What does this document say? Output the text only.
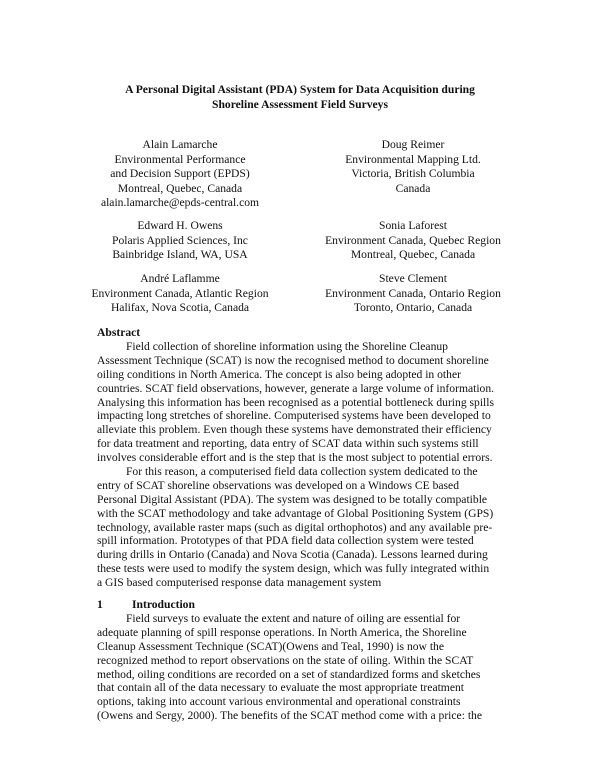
A Personal Digital Assistant (PDA) System for Data Acquisition during
Shoreline Assessment Field Surveys
Alain Lamarche
Environmental Performance
and Decision Support (EPDS)
Montreal, Quebec, Canada
alain.lamarche@epds-central.com
Doug Reimer
Environmental Mapping Ltd.
Victoria, British Columbia
Canada
Edward H. Owens
Polaris Applied Sciences, Inc
Bainbridge Island, WA, USA
Sonia Laforest
Environment Canada, Quebec Region
Montreal, Quebec, Canada
André Laflamme
Environment Canada, Atlantic Region
Halifax, Nova Scotia, Canada
Steve Clement
Environment Canada, Ontario Region
Toronto, Ontario, Canada
Abstract
Field collection of shoreline information using the Shoreline Cleanup
Assessment Technique (SCAT) is now the recognised method to document shoreline
oiling conditions in North America. The concept is also being adopted in other
countries. SCAT field observations, however, generate a large volume of information.
Analysing this information has been recognised as a potential bottleneck during spills
impacting long stretches of shoreline. Computerised systems have been developed to
alleviate this problem. Even though these systems have demonstrated their efficiency
for data treatment and reporting, data entry of SCAT data within such systems still
involves considerable effort and is the step that is the most subject to potential errors.
For this reason, a computerised field data collection system dedicated to the
entry of SCAT shoreline observations was developed on a Windows CE based
Personal Digital Assistant (PDA). The system was designed to be totally compatible
with the SCAT methodology and take advantage of Global Positioning System (GPS)
technology, available raster maps (such as digital orthophotos) and any available pre-
spill information. Prototypes of that PDA field data collection system were tested
during drills in Ontario (Canada) and Nova Scotia (Canada). Lessons learned during
these tests were used to modify the system design, which was fully integrated within
a GIS based computerised response data management system
1	Introduction
Field surveys to evaluate the extent and nature of oiling are essential for
adequate planning of spill response operations. In North America, the Shoreline
Cleanup Assessment Technique (SCAT)(Owens and Teal, 1990) is now the
recognized method to report observations on the state of oiling. Within the SCAT
method, oiling conditions are recorded on a set of standardized forms and sketches
that contain all of the data necessary to evaluate the most appropriate treatment
options, taking into account various environmental and operational constraints
(Owens and Sergy, 2000). The benefits of the SCAT method come with a price: the
